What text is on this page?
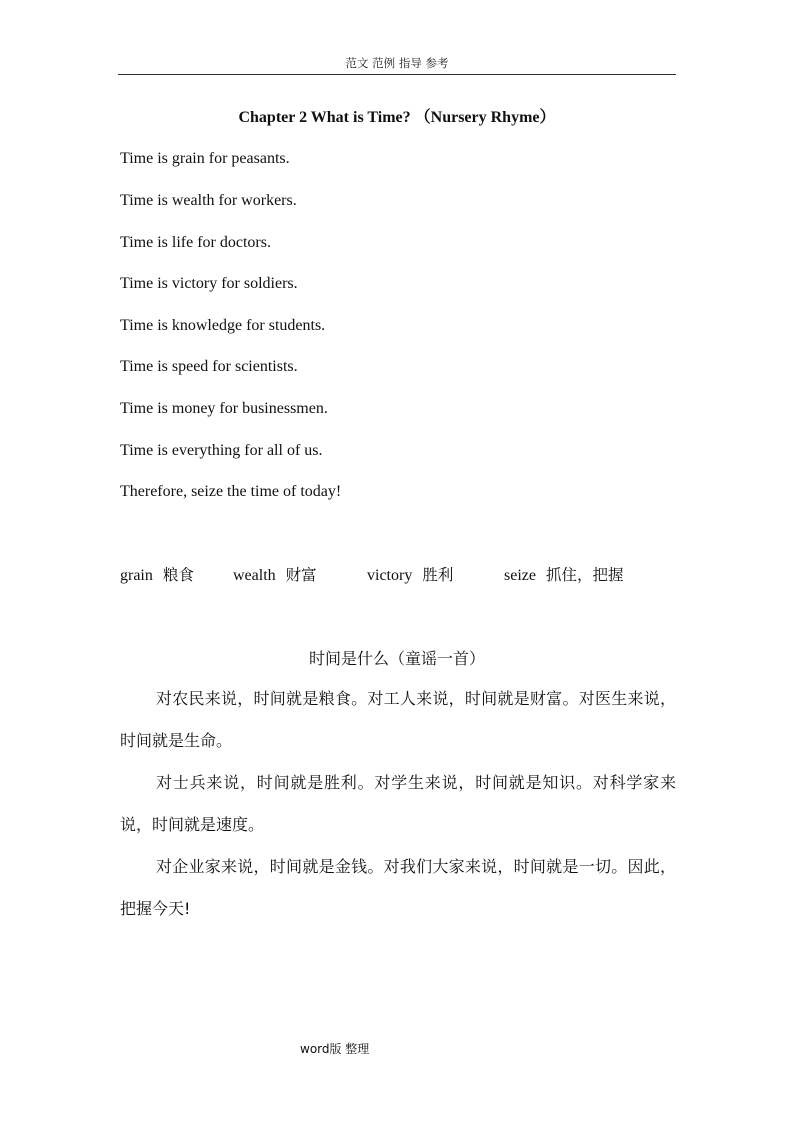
范文 范例 指导 参考
Chapter 2 What is Time? （Nursery Rhyme）
Time is grain for peasants.
Time is wealth for workers.
Time is life for doctors.
Time is victory for soldiers.
Time is knowledge for students.
Time is speed for scientists.
Time is money for businessmen.
Time is everything for all of us.
Therefore, seize the time of today!
grain 粮食 wealth 财富	victory 胜利	seize 抓住，把握
时间是什么（童谣一首）
对农民来说，时间就是粮食。对工人来说，时间就是财富。对医生来说，时间就是生命。
对士兵来说，时间就是胜利。对学生来说，时间就是知识。对科学家来说，时间就是速度。
对企业家来说，时间就是金钱。对我们大家来说，时间就是一切。因此，把握今天!
word版 整理
